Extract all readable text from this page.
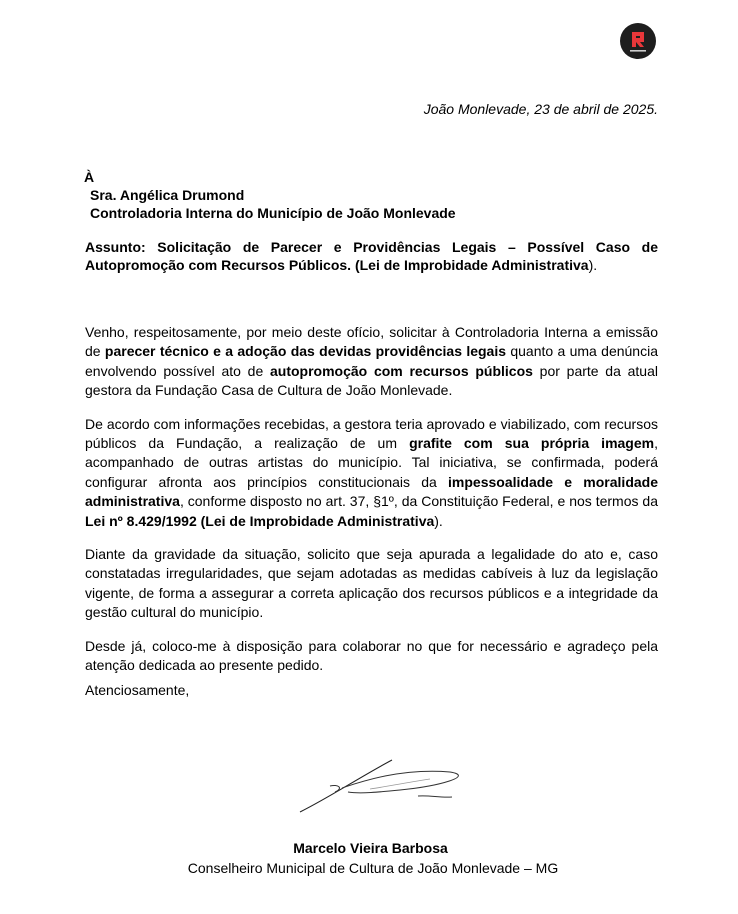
João Monlevade, 23 de abril de 2025.
À
Sra. Angélica Drumond
Controladoria Interna do Município de João Monlevade
Assunto: Solicitação de Parecer e Providências Legais – Possível Caso de Autopromoção com Recursos Públicos. (Lei de Improbidade Administrativa).

Venho, respeitosamente, por meio deste ofício, solicitar à Controladoria Interna a emissão de parecer técnico e a adoção das devidas providências legais quanto a uma denúncia envolvendo possível ato de autopromoção com recursos públicos por parte da atual gestora da Fundação Casa de Cultura de João Monlevade.

De acordo com informações recebidas, a gestora teria aprovado e viabilizado, com recursos públicos da Fundação, a realização de um grafite com sua própria imagem, acompanhado de outras artistas do município. Tal iniciativa, se confirmada, poderá configurar afronta aos princípios constitucionais da impessoalidade e moralidade administrativa, conforme disposto no art. 37, §1º, da Constituição Federal, e nos termos da Lei nº 8.429/1992 (Lei de Improbidade Administrativa).

Diante da gravidade da situação, solicito que seja apurada a legalidade do ato e, caso constatadas irregularidades, que sejam adotadas as medidas cabíveis à luz da legislação vigente, de forma a assegurar a correta aplicação dos recursos públicos e a integridade da gestão cultural do município.

Desde já, coloco-me à disposição para colaborar no que for necessário e agradeço pela atenção dedicada ao presente pedido.

Atenciosamente,
Marcelo Vieira Barbosa
Conselheiro Municipal de Cultura de João Monlevade – MG
